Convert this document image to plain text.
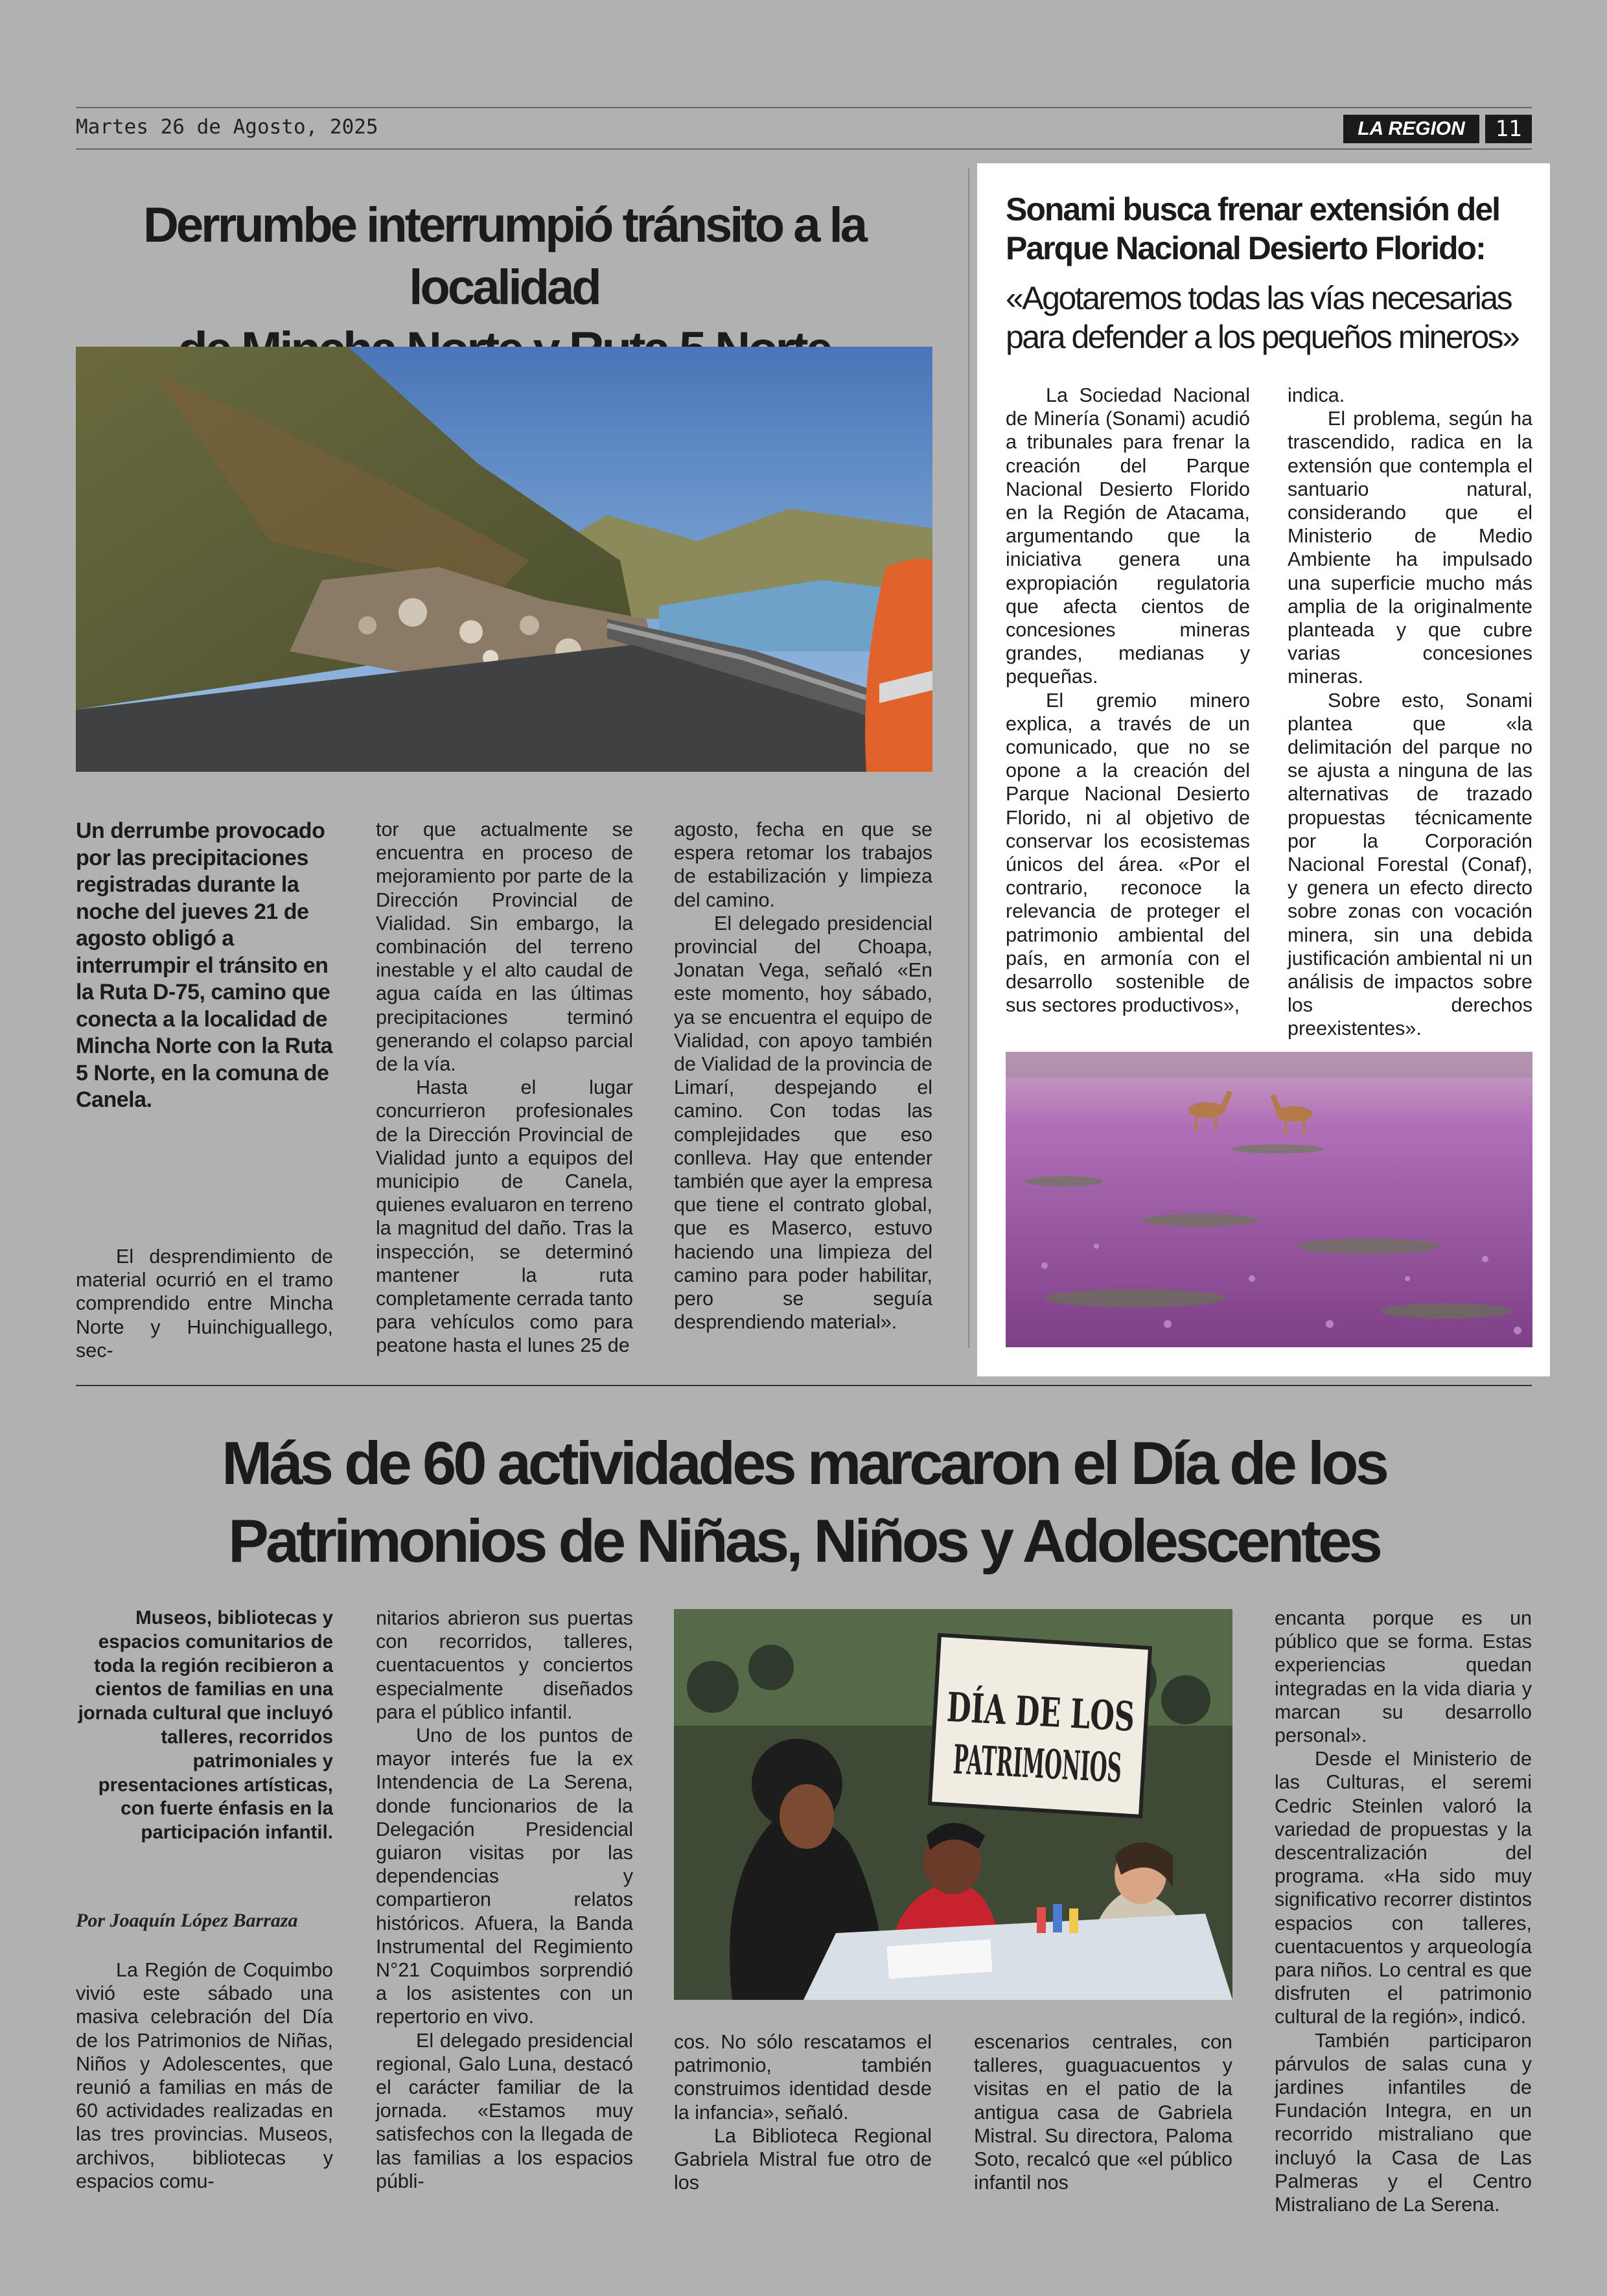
Martes 26 de Agosto, 2025	LA REGION	11
Derrumbe interrumpió tránsito a la localidad
Un derrumbe provocado por las precipitaciones registradas durante la noche del jueves 21 de agosto obligó a interrumpir el tránsito en la Ruta D-75, camino que conecta a la localidad de Mincha Norte con la Ruta 5 Norte, en la comuna de Canela.

El desprendimiento de material ocurrió en el tramo comprendido entre Mincha Norte y Huinchiguallego, sec-

tor que actualmente se encuentra en proceso de mejoramiento por parte de la Dirección Provincial de Vialidad. Sin embargo, la combinación del terreno inestable y el alto caudal de agua caída en las últimas precipitaciones terminó generando el colapso parcial de la vía.

Hasta el lugar concurrieron profesionales de la Dirección Provincial de Vialidad junto a equipos del municipio de Canela, quienes evaluaron en terreno la magnitud del daño. Tras la inspección, se determinó mantener la ruta completamente cerrada tanto para vehículos como para peatone hasta el lunes 25 de

agosto, fecha en que se espera retomar los trabajos de estabilización y limpieza del camino.

El delegado presidencial provincial del Choapa, Jonatan Vega, señaló «En este momento, hoy sábado, ya se encuentra el equipo de Vialidad, con apoyo también de Vialidad de la provincia de Limarí, despejando el camino. Con todas las complejidades que eso conlleva. Hay que entender también que ayer la empresa que tiene el contrato global, que es Maserco, estuvo haciendo una limpieza del camino para poder habilitar, pero se seguía desprendiendo material».

Sonami busca frenar extensión del Parque Nacional Desierto Florido:
«Agotaremos todas las vías necesarias para defender a los pequeños mineros»

La Sociedad Nacional de Minería (Sonami) acudió a tribunales para frenar la creación del Parque Nacional Desierto Florido en la Región de Atacama, argumentando que la iniciativa genera una expropiación regulatoria que afecta cientos de concesiones mineras grandes, medianas y pequeñas.

El gremio minero explica, a través de un comunicado, que no se opone a la creación del Parque Nacional Desierto Florido, ni al objetivo de conservar los ecosistemas únicos del área. «Por el contrario, reconoce la relevancia de proteger el patrimonio ambiental del país, en armonía con el desarrollo sostenible de sus sectores productivos»,

indica.

El problema, según ha trascendido, radica en la extensión que contempla el santuario natural, considerando que el Ministerio de Medio Ambiente ha impulsado una superficie mucho más amplia de la originalmente planteada y que cubre varias concesiones mineras.

Sobre esto, Sonami plantea que «la delimitación del parque no se ajusta a ninguna de las alternativas de trazado propuestas técnicamente por la Corporación Nacional Forestal (Conaf), y genera un efecto directo sobre zonas con vocación minera, sin una debida justificación ambiental ni un análisis de impactos sobre los derechos preexistentes».

Más de 60 actividades marcaron el Día de los
Patrimonios de Niñas, Niños y Adolescentes
Museos, bibliotecas y espacios comunitarios de toda la región recibieron a cientos de familias en una jornada cultural que incluyó talleres, recorridos patrimoniales y presentaciones artísticas, con fuerte énfasis en la participación infantil.
Por Joaquín López Barraza

La Región de Coquimbo vivió este sábado una masiva celebración del Día de los Patrimonios de Niñas, Niños y Adolescentes, que reunió a familias en más de 60 actividades realizadas en las tres provincias. Museos, archivos, bibliotecas y espacios comu-

nitarios abrieron sus puertas con recorridos, talleres, cuentacuentos y conciertos especialmente diseñados para el público infantil.

Uno de los puntos de mayor interés fue la ex Intendencia de La Serena, donde funcionarios de la Delegación Presidencial guiaron visitas por las dependencias y compartieron relatos históricos. Afuera, la Banda Instrumental del Regimiento N°21 Coquimbos sorprendió a los asistentes con un repertorio en vivo.

El delegado presidencial regional, Galo Luna, destacó el carácter familiar de la jornada. «Estamos muy satisfechos con la llegada de las familias a los espacios públi-

DÍA DE LOS

cos. No sólo rescatamos el patrimonio, también construimos identidad desde la infancia», señaló.

La Biblioteca Regional Gabriela Mistral fue otro de los

escenarios centrales, con talleres, guaguacuentos y visitas en el patio de la antigua casa de Gabriela Mistral. Su directora, Paloma Soto, recalcó que «el público infantil nos

encanta porque es un público que se forma. Estas experiencias quedan integradas en la vida diaria y marcan su desarrollo personal».

Desde el Ministerio de las Culturas, el seremi Cedric Steinlen valoró la variedad de propuestas y la descentralización del programa. «Ha sido muy significativo recorrer distintos espacios con talleres, cuentacuentos y arqueología para niños. Lo central es que disfruten el patrimonio cultural de la región», indicó.

También participaron párvulos de salas cuna y jardines infantiles de Fundación Integra, en un recorrido mistraliano que incluyó la Casa de Las Palmeras y el Centro Mistraliano de La Serena.
